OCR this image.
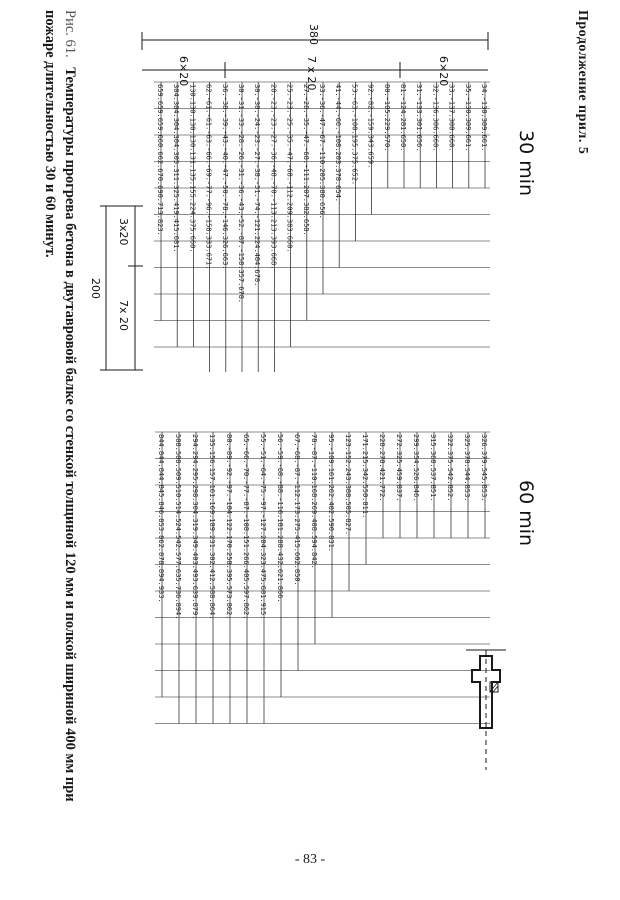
Продолжение прил. 5
30 min
34.-130.309.661.
35.-130.309.661.
33.-137.300.660.
32.-136.306.660.
31.-133.301.656.
81.-124.281.650.
80.-105.229.570.
92.-82.-159.343.659.
53.-63.-100.195.375.652.
41.-44.-66.-108.203.378.654.
33.-36.-47.-67.-110.205.380.656.
27.-28.-35.-47.-68.-111.207.382.658.
25.-23.-25.-35.-47.-68.-112.209.383.660.
28.-23.-23.-27.-36.-48.-70.-113.213.393.668.
30.-30.-24.-23.-27.-38.-51.-74.-121.224.404.678.
30.-31.-33.-28.-26.-31.-36.-43.-52.-87.-158.357.678.
36.-38.-39.-43.-40.-47.-50.-78.-146.326.663.
62.-61.-61.-63.-66.-69.-77.-96.-158.333.671.
130.130.130.130.131.135.155.224.375.660.
304.304.304.304.305.311.325.419.415.681.
659.659.659.660.662.670.690.713.823.
60 min
326.379.545.853.
325.378.544.853.
322.375.542.852.
315.368.537.851.
299.354.526.846.
272.325.459.837.
228.278.421.772.
171.215.342.550.811.
123.152.243.388.585.827.
95.-109.161.262.402.590.831.
78.-87.-110.168.269.408.594.842.
67.-68.-87.-112.173.275.415.602.850.
56.-59.-68.-88.-116.181.288.432.621.866.
55.-51.-64.-75.-97.-127.204.323.475.681.915.
65.-66.-70.-77.-87.-108.151.266.405.597.862.
80.-89.-92.-97.-104.122.170.258.395.573.862.
135.156.157.161.169.189.231.302.412.588.864.
294.294.295.298.304.319.349.403.493.639.879.
508.508.509.510.514.524.542.577.635.736.894.
844.844.844.845.846.853.862.878.894.933.
380
6×20
7 x 20
6×20
3x20
7x 20
200
Рис. 61. Температуры прогрева бетона в двутавровой балке со стенкой толщиной 120 мм и полкой шириной 400 мм при пожаре длительностью 30 и 60 минут.
- 83 -
